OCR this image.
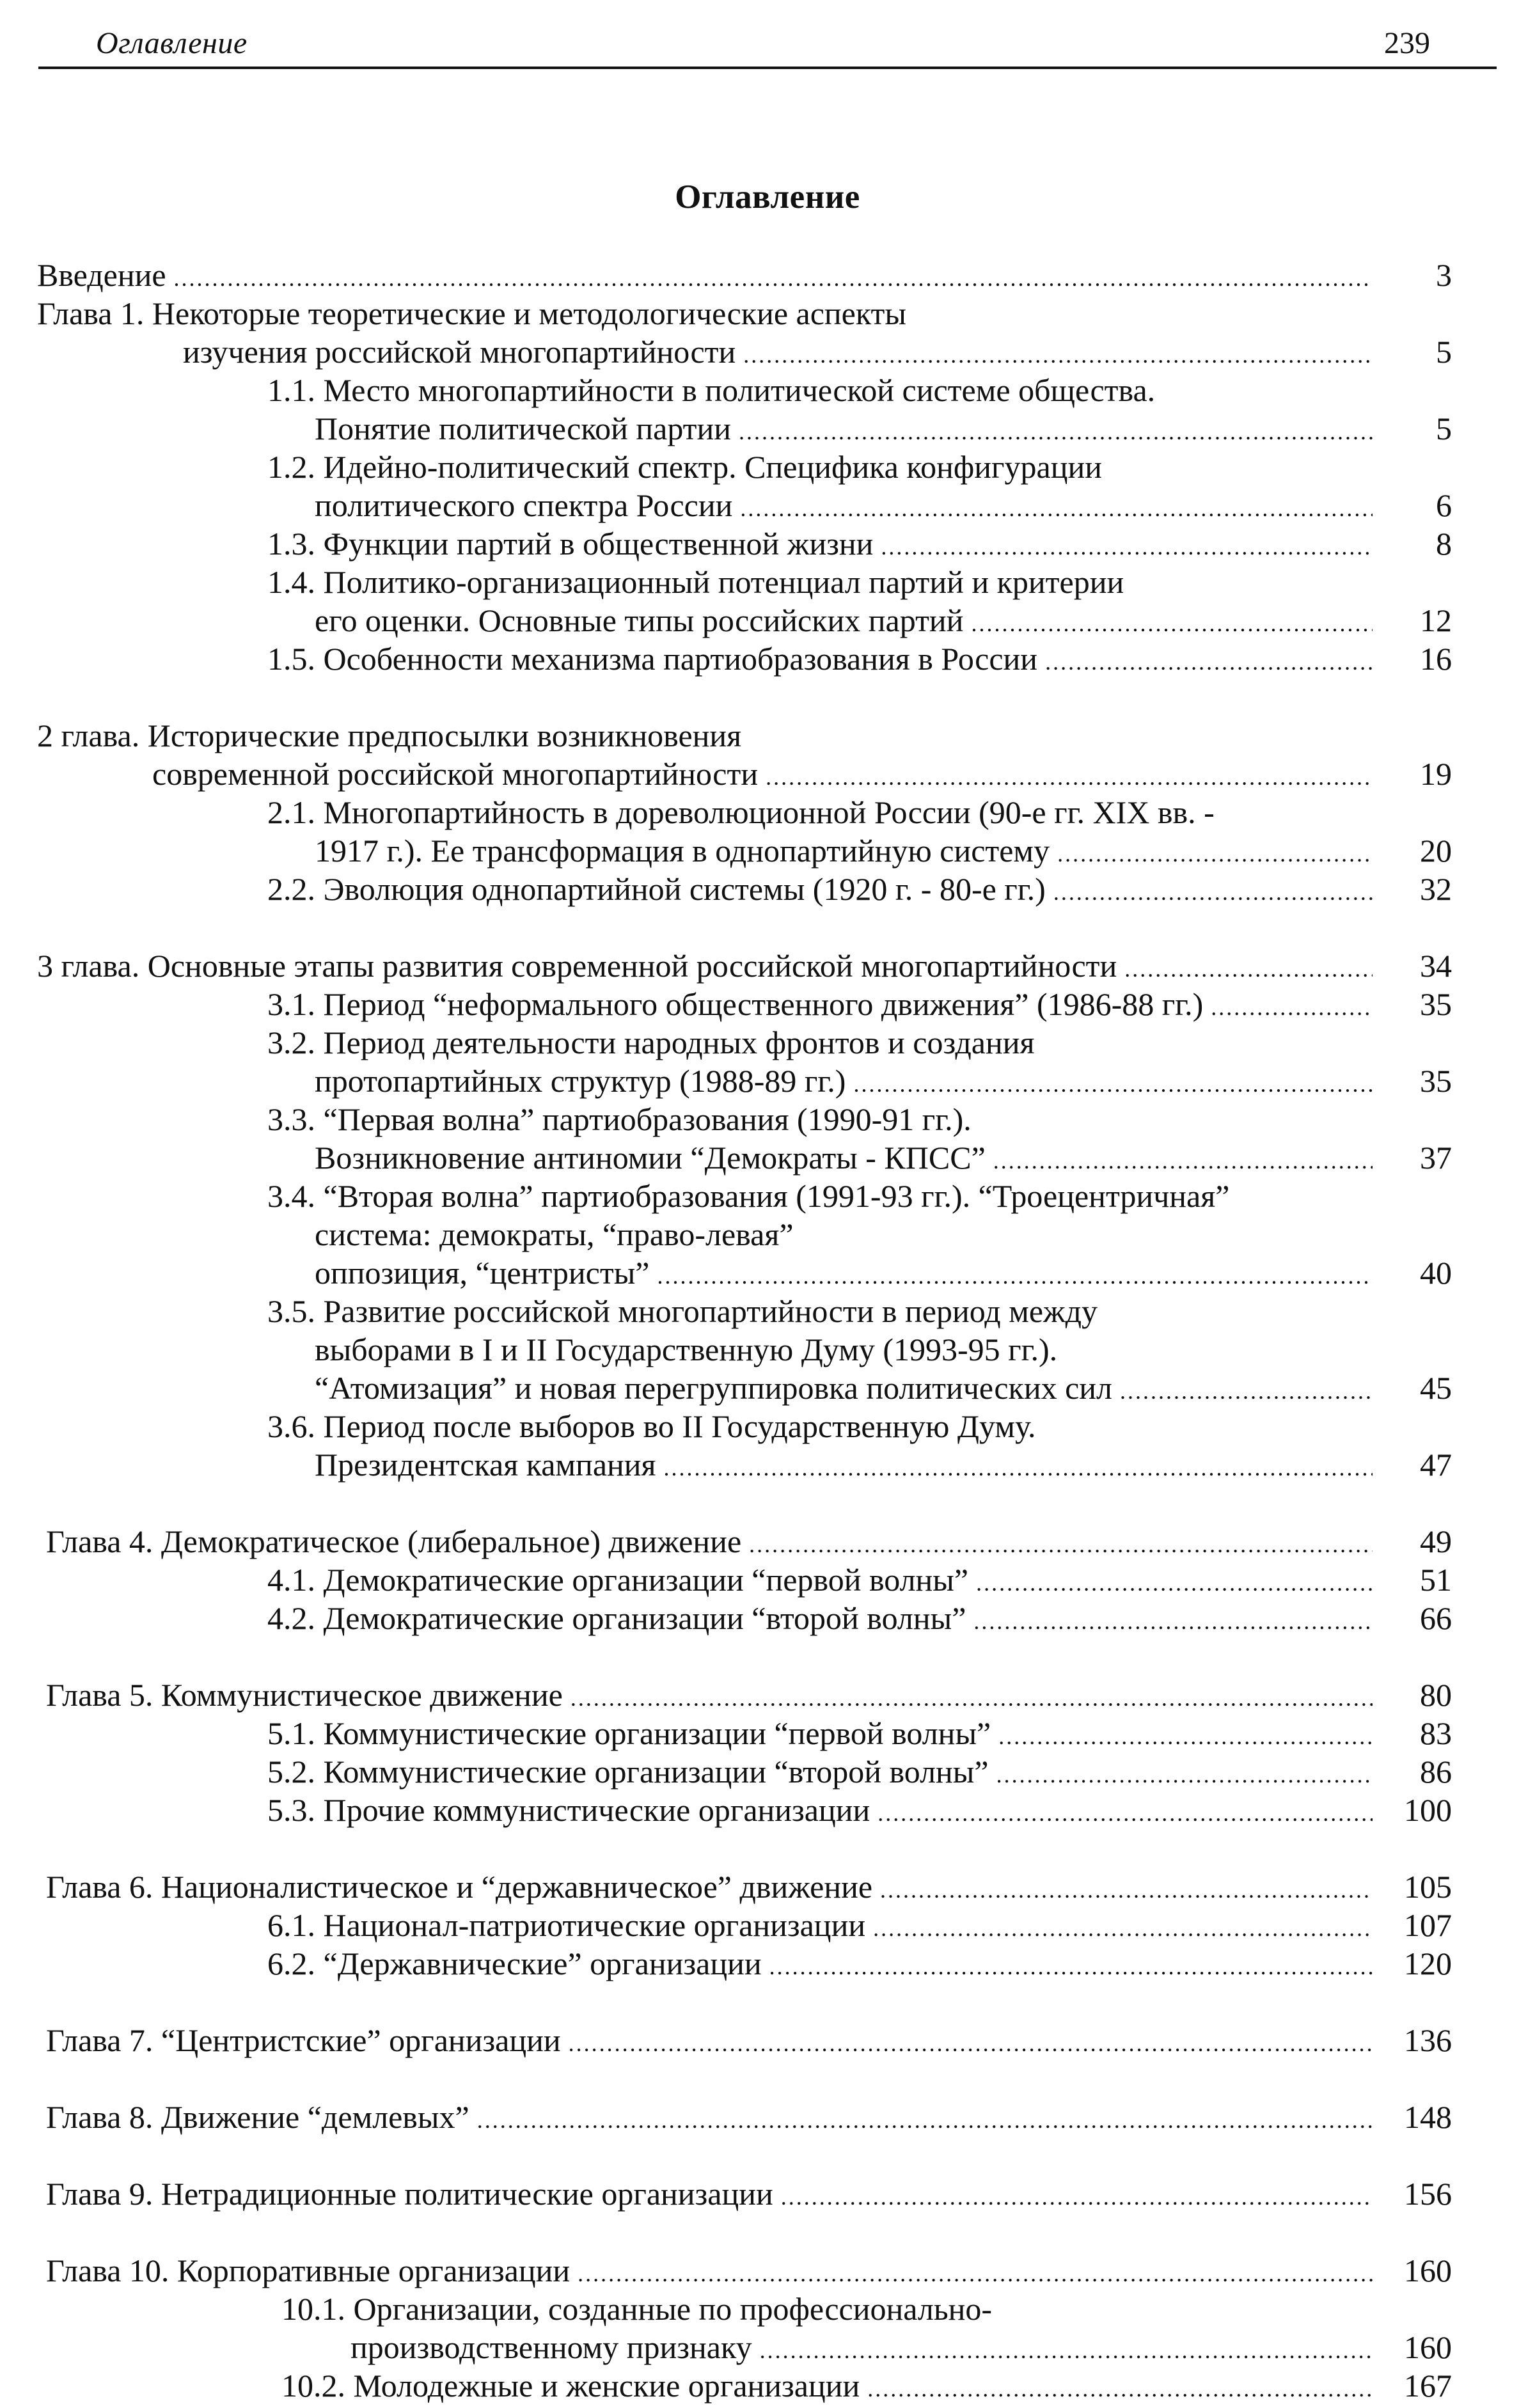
Оглавление	239
Оглавление
Введение .....	3
Глава 1. Некоторые теоретические и методологические аспекты
изучения российской многопартийности .....	5
1.1. Место многопартийности в политической системе общества.
Понятие политической партии .....	5
1.2. Идейно-политический спектр. Специфика конфигурации
политического спектра России .....	6
1.3. Функции партий в общественной жизни .....	8
1.4. Политико-организационный потенциал партий и критерии
его оценки. Основные типы российских партий .....	12
1.5. Особенности механизма партиобразования в России .....	16
2 глава. Исторические предпосылки возникновения
современной российской многопартийности .....	19
2.1. Многопартийность в дореволюционной России (90-е гг. XIX вв. -
1917 г.). Ее трансформация в однопартийную систему .....	20
2.2. Эволюция однопартийной системы (1920 г. - 80-е гг.) .....	32
3 глава. Основные этапы развития современной российской многопартийности .....	34
3.1. Период “неформального общественного движения” (1986-88 гг.) .....	35
3.2. Период деятельности народных фронтов и создания
протопартийных структур (1988-89 гг.) .....	35
3.3. “Первая волна” партиобразования (1990-91 гг.).
Возникновение антиномии “Демократы - КПСС” .....	37
3.4. “Вторая волна” партиобразования (1991-93 гг.). “Троецентричная”
система: демократы, “право-левая”
оппозиция, “центристы” .....	40
3.5. Развитие российской многопартийности в период между
выборами в I и II Государственную Думу (1993-95 гг.).
“Атомизация” и новая перегруппировка политических сил .....	45
3.6. Период после выборов во II Государственную Думу.
Президентская кампания .....	47
Глава 4. Демократическое (либеральное) движение .....	49
4.1. Демократические организации “первой волны” .....	51
4.2. Демократические организации “второй волны” .....	66
Глава 5. Коммунистическое движение .....	80
5.1. Коммунистические организации “первой волны” .....	83
5.2. Коммунистические организации “второй волны” .....	86
5.3. Прочие коммунистические организации .....	100
Глава 6. Националистическое и “державническое” движение .....	105
6.1. Национал-патриотические организации .....	107
6.2. “Державнические” организации .....	120
Глава 7. “Центристские” организации .....	136
Глава 8. Движение “демлевых” .....	148
Глава 9. Нетрадиционные политические организации .....	156
Глава 10. Корпоративные организации .....	160
10.1. Организации, созданные по профессионально-
производственному признаку .....	160
10.2. Молодежные и женские организации .....	167
